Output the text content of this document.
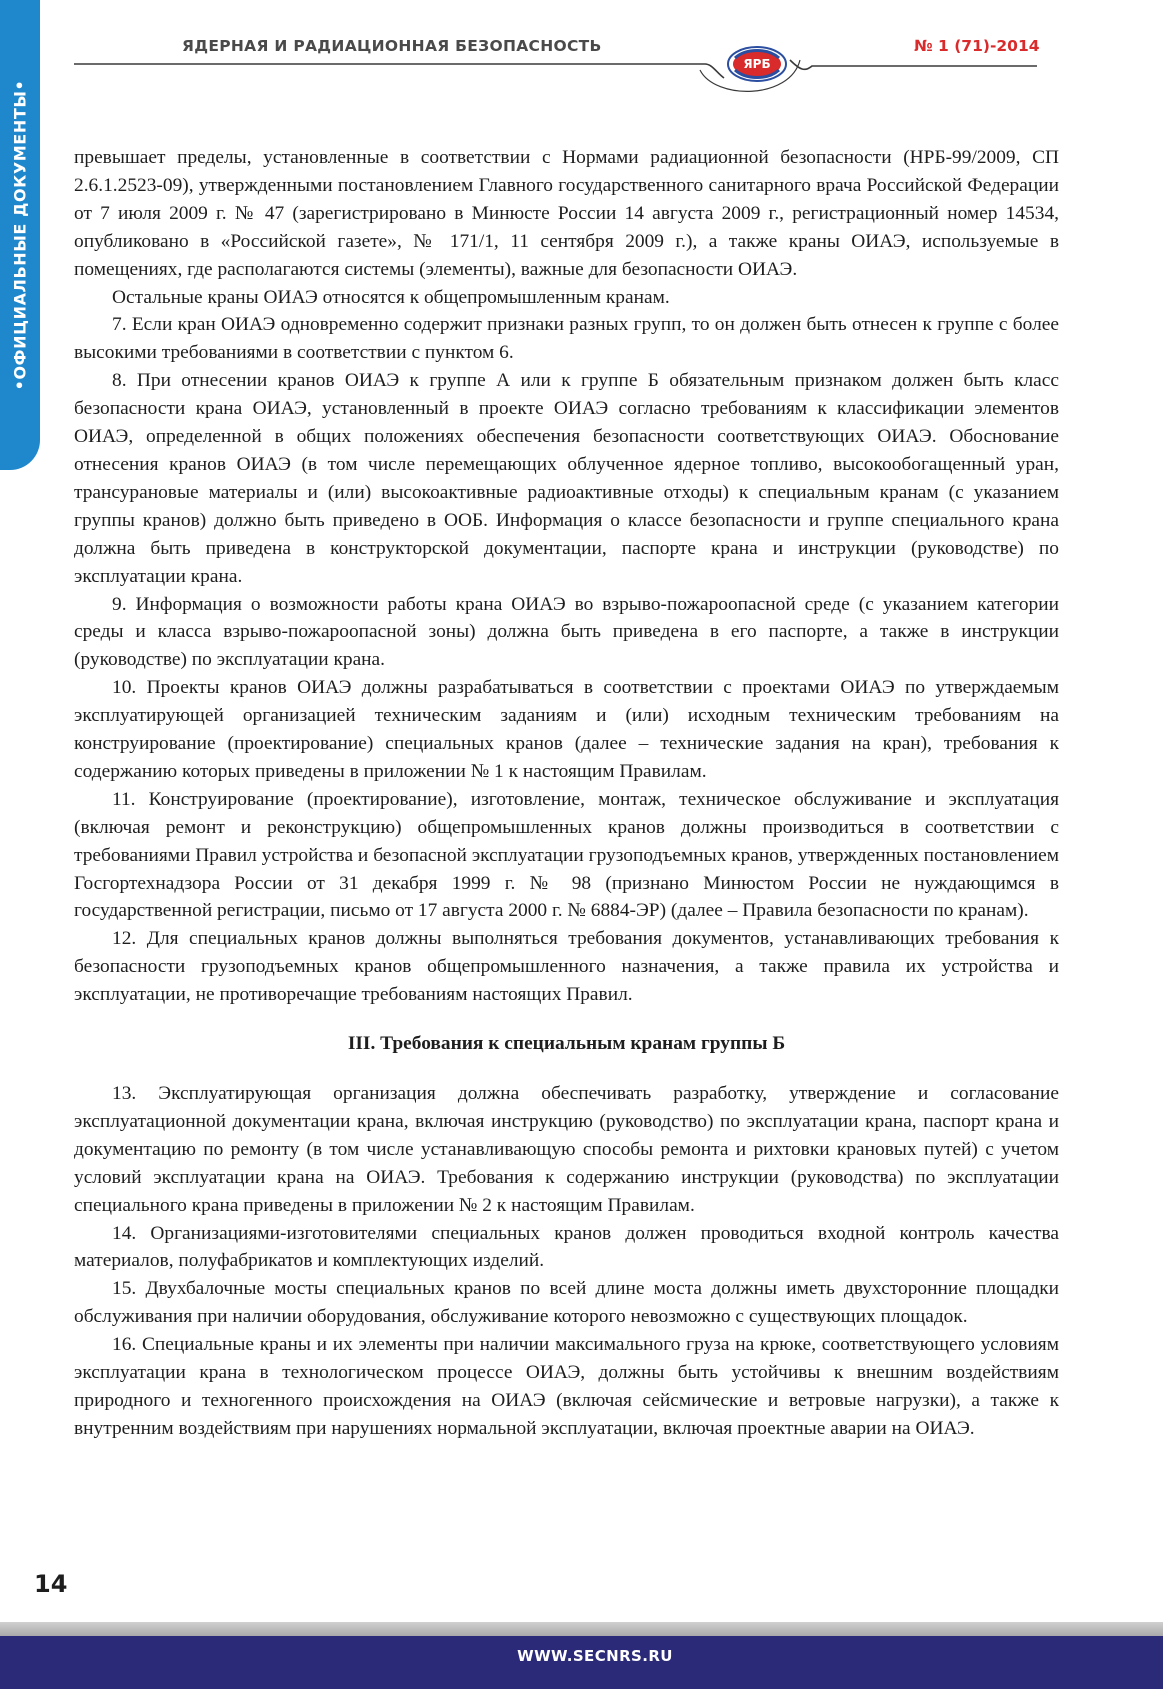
•ОФИЦИАЛЬНЫЕ ДОКУМЕНТЫ•
ЯДЕРНАЯ И РАДИАЦИОННАЯ БЕЗОПАСНОСТЬ	№ 1 (71)-2014
ЯРБ

превышает пределы, установленные в соответствии с Нормами радиационной безопасности (НРБ-99/2009, СП 2.6.1.2523-09), утвержденными постановлением Главного государственного санитарного врача Российской Федерации от 7 июля 2009 г. № 47 (зарегистрировано в Минюсте России 14 августа 2009 г., регистрационный номер 14534, опубликовано в «Российской газете», № 171/1, 11 сентября 2009 г.), а также краны ОИАЭ, используемые в помещениях, где располагаются системы (элементы), важные для безопасности ОИАЭ.

Остальные краны ОИАЭ относятся к общепромышленным кранам.

7. Если кран ОИАЭ одновременно содержит признаки разных групп, то он должен быть отнесен к группе с более высокими требованиями в соответствии с пунктом 6.

8. При отнесении кранов ОИАЭ к группе А или к группе Б обязательным признаком должен быть класс безопасности крана ОИАЭ, установленный в проекте ОИАЭ согласно требованиям к классификации элементов ОИАЭ, определенной в общих положениях обеспечения безопасности соответствующих ОИАЭ. Обоснование отнесения кранов ОИАЭ (в том числе перемещающих облученное ядерное топливо, высокообогащенный уран, трансурановые материалы и (или) высокоактивные радиоактивные отходы) к специальным кранам (с указанием группы кранов) должно быть приведено в ООБ. Информация о классе безопасности и группе специального крана должна быть приведена в конструкторской документации, паспорте крана и инструкции (руководстве) по эксплуатации крана.

9. Информация о возможности работы крана ОИАЭ во взрыво-пожароопасной среде (с указанием категории среды и класса взрыво-пожароопасной зоны) должна быть приведена в его паспорте, а также в инструкции (руководстве) по эксплуатации крана.

10. Проекты кранов ОИАЭ должны разрабатываться в соответствии с проектами ОИАЭ по утверждаемым эксплуатирующей организацией техническим заданиям и (или) исходным техническим требованиям на конструирование (проектирование) специальных кранов (далее – технические задания на кран), требования к содержанию которых приведены в приложении № 1 к настоящим Правилам.

11. Конструирование (проектирование), изготовление, монтаж, техническое обслуживание и эксплуатация (включая ремонт и реконструкцию) общепромышленных кранов должны производиться в соответствии с требованиями Правил устройства и безопасной эксплуатации грузоподъемных кранов, утвержденных постановлением Госгортехнадзора России от 31 декабря 1999 г. № 98 (признано Минюстом России не нуждающимся в государственной регистрации, письмо от 17 августа 2000 г. № 6884-ЭР) (далее – Правила безопасности по кранам).

12. Для специальных кранов должны выполняться требования документов, устанавливающих требования к безопасности грузоподъемных кранов общепромышленного назначения, а также правила их устройства и эксплуатации, не противоречащие требованиям настоящих Правил.

III. Требования к специальным кранам группы Б

13. Эксплуатирующая организация должна обеспечивать разработку, утверждение и согласование эксплуатационной документации крана, включая инструкцию (руководство) по эксплуатации крана, паспорт крана и документацию по ремонту (в том числе устанавливающую способы ремонта и рихтовки крановых путей) с учетом условий эксплуатации крана на ОИАЭ. Требования к содержанию инструкции (руководства) по эксплуатации специального крана приведены в приложении № 2 к настоящим Правилам.

14. Организациями-изготовителями специальных кранов должен проводиться входной контроль качества материалов, полуфабрикатов и комплектующих изделий.

15. Двухбалочные мосты специальных кранов по всей длине моста должны иметь двухсторонние площадки обслуживания при наличии оборудования, обслуживание которого невозможно с существующих площадок.

16. Специальные краны и их элементы при наличии максимального груза на крюке, соответствующего условиям эксплуатации крана в технологическом процессе ОИАЭ, должны быть устойчивы к внешним воздействиям природного и техногенного происхождения на ОИАЭ (включая сейсмические и ветровые нагрузки), а также к внутренним воздействиям при нарушениях нормальной эксплуатации, включая проектные аварии на ОИАЭ.

14
WWW.SECNRS.RU
